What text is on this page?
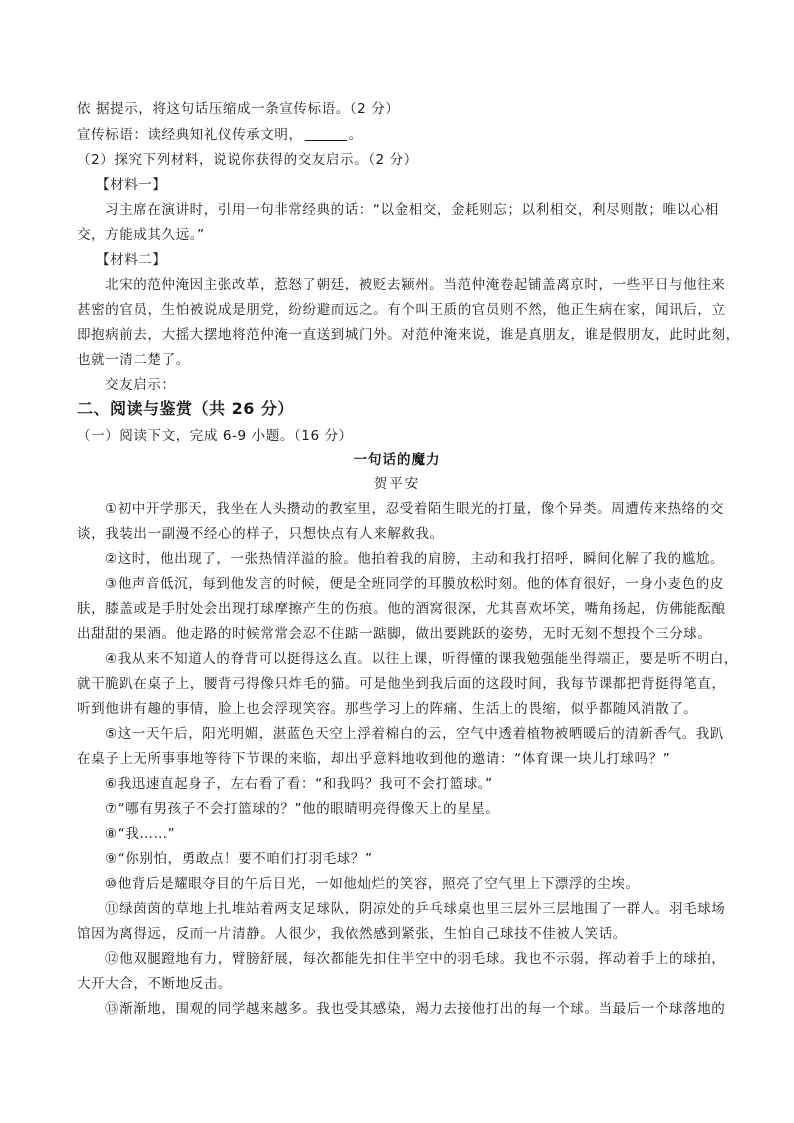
依 据提示，将这句话压缩成一条宣传标语。（2 分）
宣传标语：读经典知礼仪传承文明，	。
（2）探究下列材料，说说你获得的交友启示。（2 分）
【材料一】
习主席在演讲时，引用一句非常经典的话：“以金相交，金耗则忘；以利相交，利尽则散；唯以心相
交，方能成其久远。”
【材料二】
北宋的范仲淹因主张改革，惹怒了朝廷，被贬去颍州。当范仲淹卷起铺盖离京时，一些平日与他往来
甚密的官员，生怕被说成是朋党，纷纷避而远之。有个叫王质的官员则不然，他正生病在家，闻讯后，立
即抱病前去，大摇大摆地将范仲淹一直送到城门外。对范仲淹来说，谁是真朋友，谁是假朋友，此时此刻，
也就一清二楚了。
交友启示：
二、阅读与鉴赏（共 26 分）
（一）阅读下文，完成 6-9 小题。（16 分）
一句话的魔力
贺平安
①初中开学那天，我坐在人头攒动的教室里，忍受着陌生眼光的打量，像个异类。周遭传来热络的交
谈，我装出一副漫不经心的样子，只想快点有人来解救我。
②这时，他出现了，一张热情洋溢的脸。他拍着我的肩膀，主动和我打招呼，瞬间化解了我的尴尬。
③他声音低沉，每到他发言的时候，便是全班同学的耳膜放松时刻。他的体育很好，一身小麦色的皮
肤，膝盖或是手肘处会出现打球摩擦产生的伤痕。他的酒窝很深，尤其喜欢坏笑，嘴角扬起，仿佛能酝酿
出甜甜的果酒。他走路的时候常常会忍不住踮一踮脚，做出要跳跃的姿势，无时无刻不想投个三分球。
④我从来不知道人的脊背可以挺得这么直。以往上课，听得懂的课我勉强能坐得端正，要是听不明白，
就干脆趴在桌子上，腰背弓得像只炸毛的猫。可是他坐到我后面的这段时间，我每节课都把背挺得笔直，
听到他讲有趣的事情，脸上也会浮现笑容。那些学习上的阵痛、生活上的畏缩，似乎都随风消散了。
⑤这一天午后，阳光明媚，湛蓝色天空上浮着棉白的云，空气中透着植物被晒暖后的清新香气。我趴
在桌子上无所事事地等待下节课的来临，却出乎意料地收到他的邀请：“体育课一块儿打球吗？”
⑥我迅速直起身子，左右看了看：“和我吗？我可不会打篮球。”
⑦“哪有男孩子不会打篮球的？”他的眼睛明亮得像天上的星星。
⑧“我……”
⑨“你别怕，勇敢点！要不咱们打羽毛球？”
⑩他背后是耀眼夺目的午后日光，一如他灿烂的笑容，照亮了空气里上下漂浮的尘埃。
⑪绿茵茵的草地上扎堆站着两支足球队，阴凉处的乒乓球桌也里三层外三层地围了一群人。羽毛球场
馆因为离得远，反而一片清静。人很少，我依然感到紧张，生怕自己球技不佳被人笑话。
⑫他双腿蹬地有力，臂膀舒展，每次都能先扣住半空中的羽毛球。我也不示弱，挥动着手上的球拍，
大开大合，不断地反击。
⑬渐渐地，围观的同学越来越多。我也受其感染，竭力去接他打出的每一个球。当最后一个球落地的
